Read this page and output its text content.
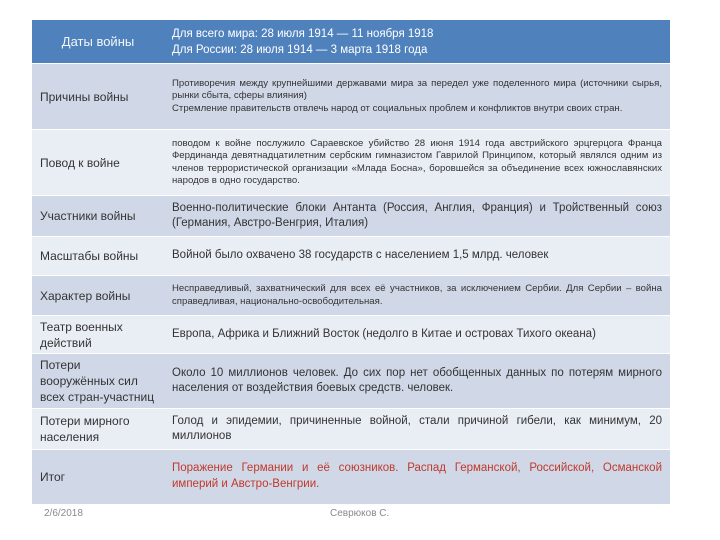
Даты войны	Для всего мира: 28 июля 1914 — 11 ноября 1918
Для России: 28 июля 1914 — 3 марта 1918 года

Причины войны	Противоречия между крупнейшими державами мира за передел уже поделенного мира (источники сырья, рынки сбыта, сферы влияния)
Стремление правительств отвлечь народ от социальных проблем и конфликтов внутри своих стран.

Повод к войне	поводом к войне послужило Сараевское убийство 28 июня 1914 года австрийского эрцгерцога Франца Фердинанда девятнадцатилетним сербским гимназистом Гаврилой Принципом, который являлся одним из членов террористической организации «Млада Босна», боровшейся за объединение всех южнославянских народов в одно государство.
Участники войны	Военно-политические блоки Антанта (Россия, Англия, Франция) и Тройственный союз (Германия, Австро-Венгрия, Италия)
Масштабы войны	Войной было охвачено 38 государств с населением 1,5 млрд. человек
Характер войны	Несправедливый, захватнический для всех её участников, за исключением Сербии. Для Сербии – война справедливая, национально-освободительная.
Театр военных действий	Европа, Африка и Ближний Восток (недолго в Китае и островах Тихого океана)
Потери вооружённых сил всех стран-участниц	Около 10 миллионов человек. До сих пор нет обобщенных данных по потерям мирного населения от воздействия боевых средств. человек.
Потери мирного населения	Голод и эпидемии, причиненные войной, стали причиной гибели, как минимум, 20 миллионов
Итог	Поражение Германии и её союзников. Распад Германской, Российской, Османской империй и Австро-Венгрии.
2/6/2018	Севрюков С.
